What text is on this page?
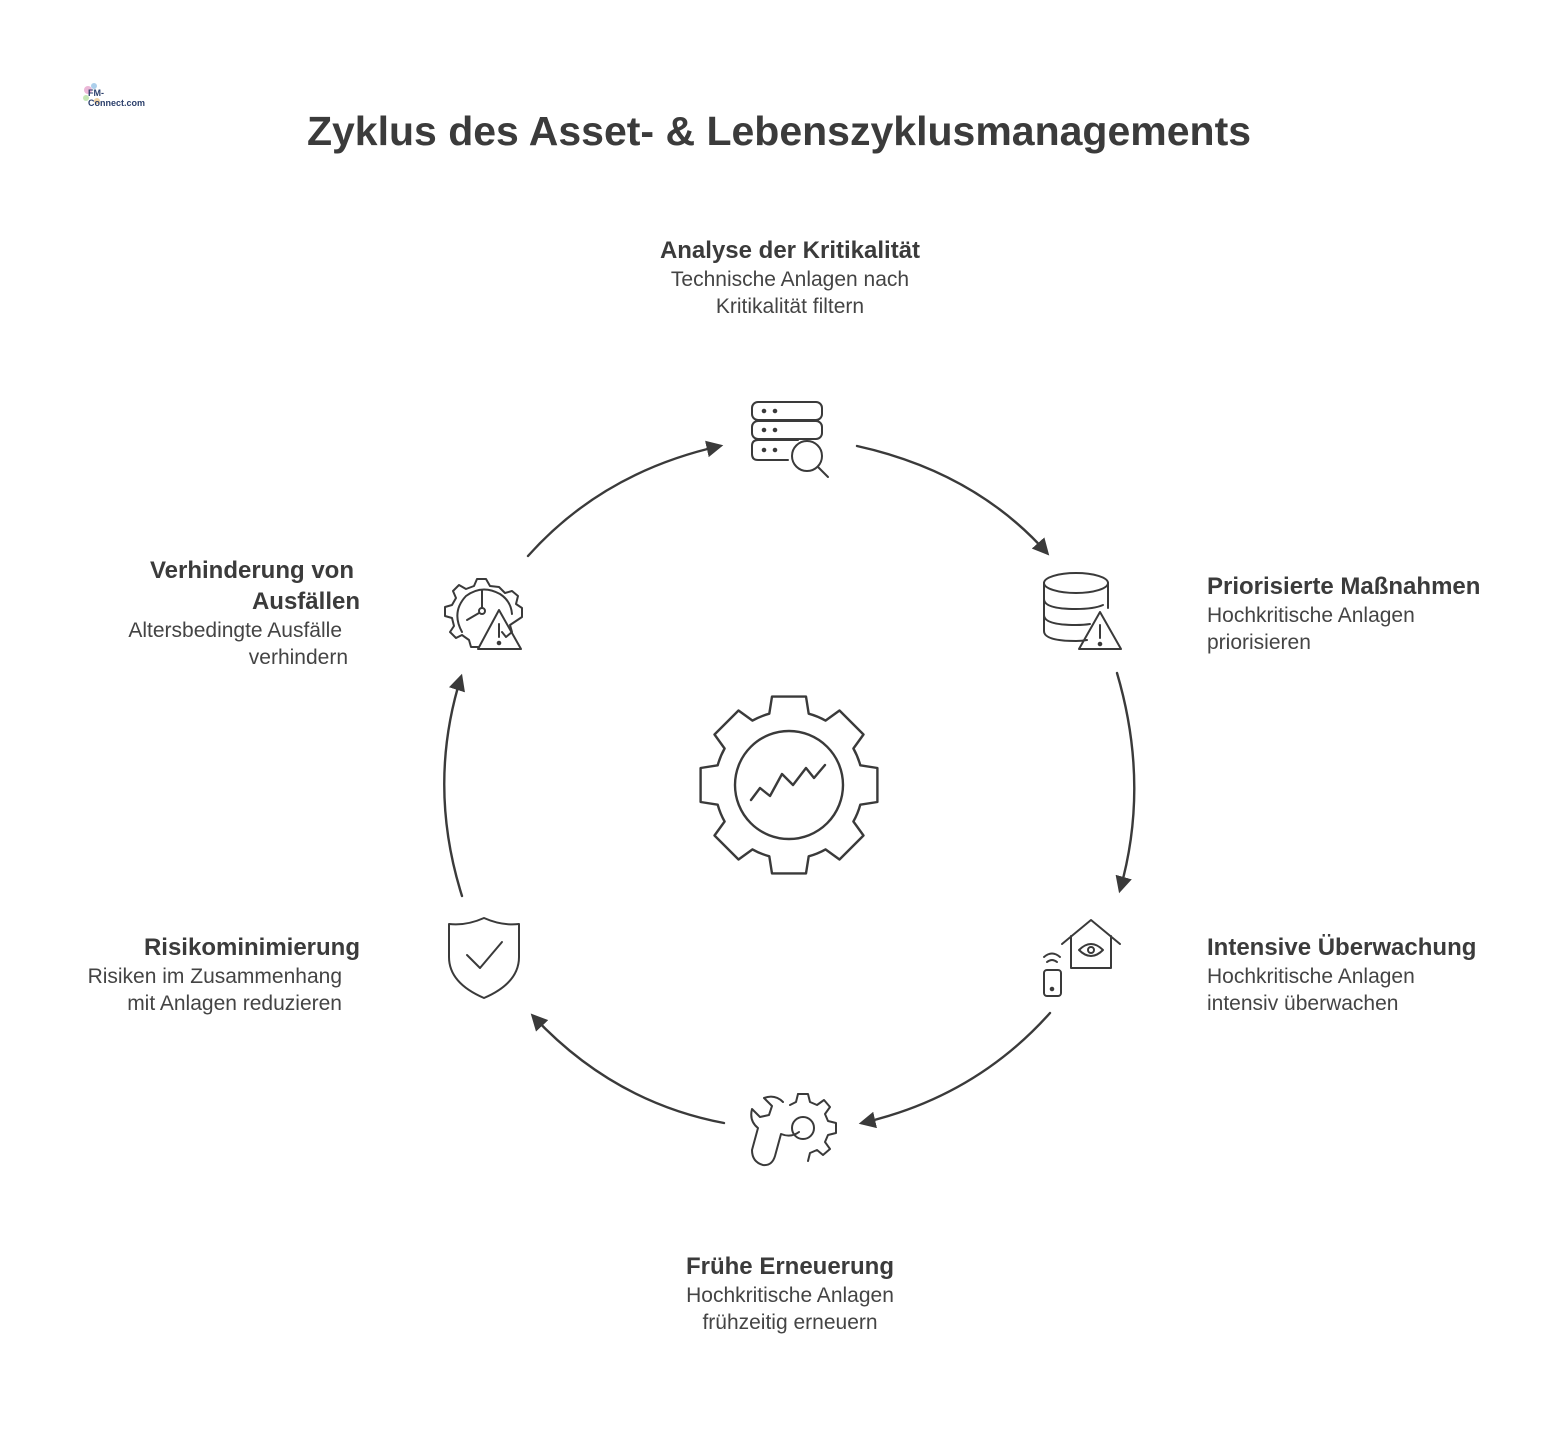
FM-Connect.com
Zyklus des Asset- & Lebenszyklusmanagements
Analyse der Kritikalität
Technische Anlagen nach
Kritikalität filtern
Priorisierte Maßnahmen
Hochkritische Anlagen
priorisieren
Intensive Überwachung
Hochkritische Anlagen
intensiv überwachen
Frühe Erneuerung
Hochkritische Anlagen
frühzeitig erneuern
Risikominimierung
Risiken im Zusammenhang
mit Anlagen reduzieren
Verhinderung von
Ausfällen
Altersbedingte Ausfälle
verhindern
